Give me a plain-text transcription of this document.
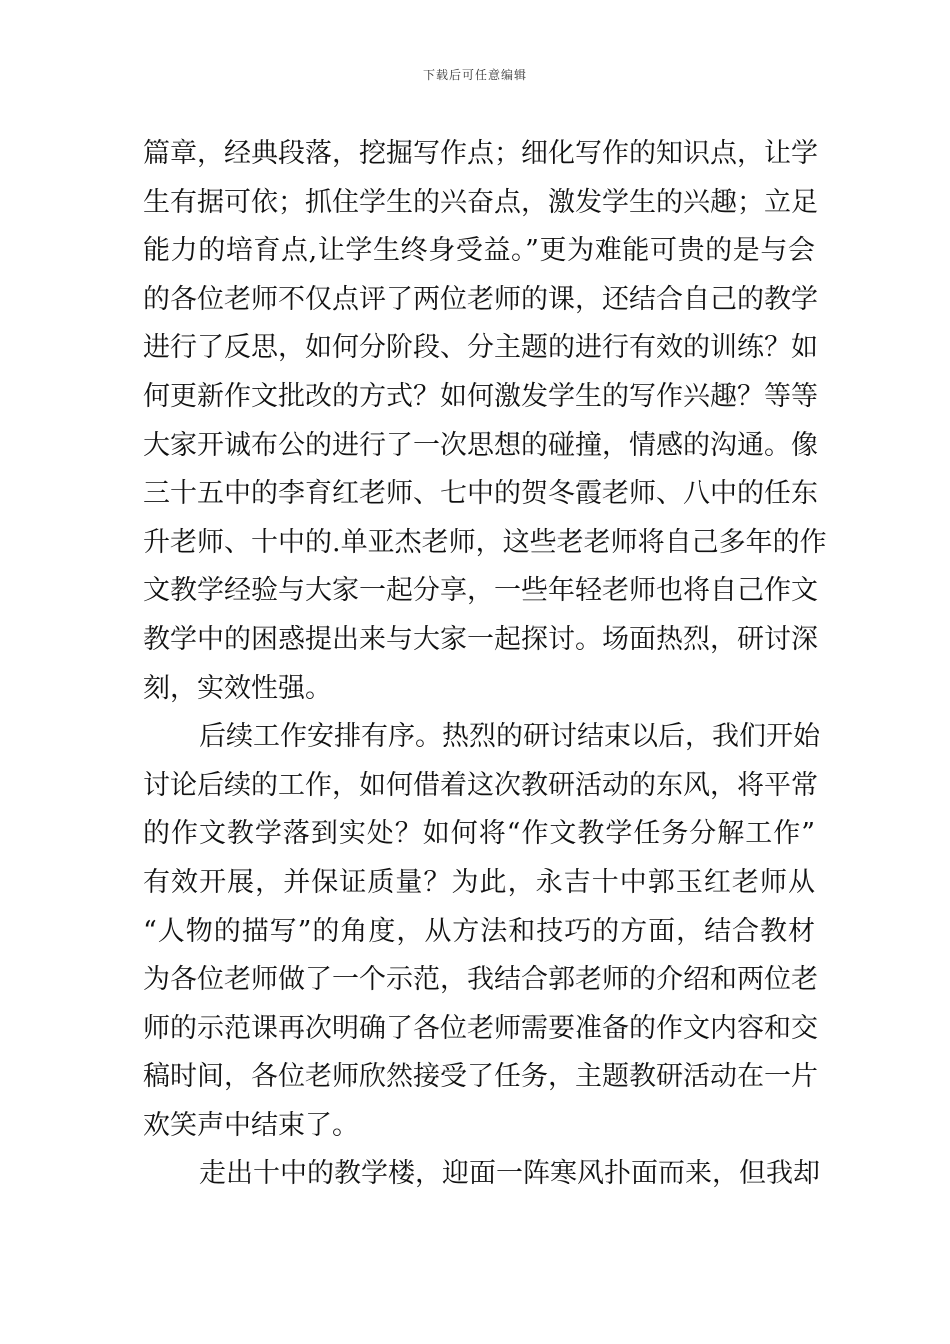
下载后可任意编辑
篇章，经典段落，挖掘写作点；细化写作的知识点，让学
生有据可依；抓住学生的兴奋点，激发学生的兴趣；立足
能力的培育点,让学生终身受益。”更为难能可贵的是与会
的各位老师不仅点评了两位老师的课，还结合自己的教学
进行了反思，如何分阶段、分主题的进行有效的训练？如
何更新作文批改的方式？如何激发学生的写作兴趣？等等
大家开诚布公的进行了一次思想的碰撞，情感的沟通。像
三十五中的李育红老师、七中的贺冬霞老师、八中的任东
升老师、十中的.单亚杰老师，这些老老师将自己多年的作
文教学经验与大家一起分享，一些年轻老师也将自己作文
教学中的困惑提出来与大家一起探讨。场面热烈，研讨深
刻，实效性强。
后续工作安排有序。热烈的研讨结束以后，我们开始
讨论后续的工作，如何借着这次教研活动的东风，将平常
的作文教学落到实处？如何将“作文教学任务分解工作”
有效开展，并保证质量？为此，永吉十中郭玉红老师从
“人物的描写”的角度，从方法和技巧的方面，结合教材
为各位老师做了一个示范，我结合郭老师的介绍和两位老
师的示范课再次明确了各位老师需要准备的作文内容和交
稿时间，各位老师欣然接受了任务，主题教研活动在一片
欢笑声中结束了。
走出十中的教学楼，迎面一阵寒风扑面而来，但我却
